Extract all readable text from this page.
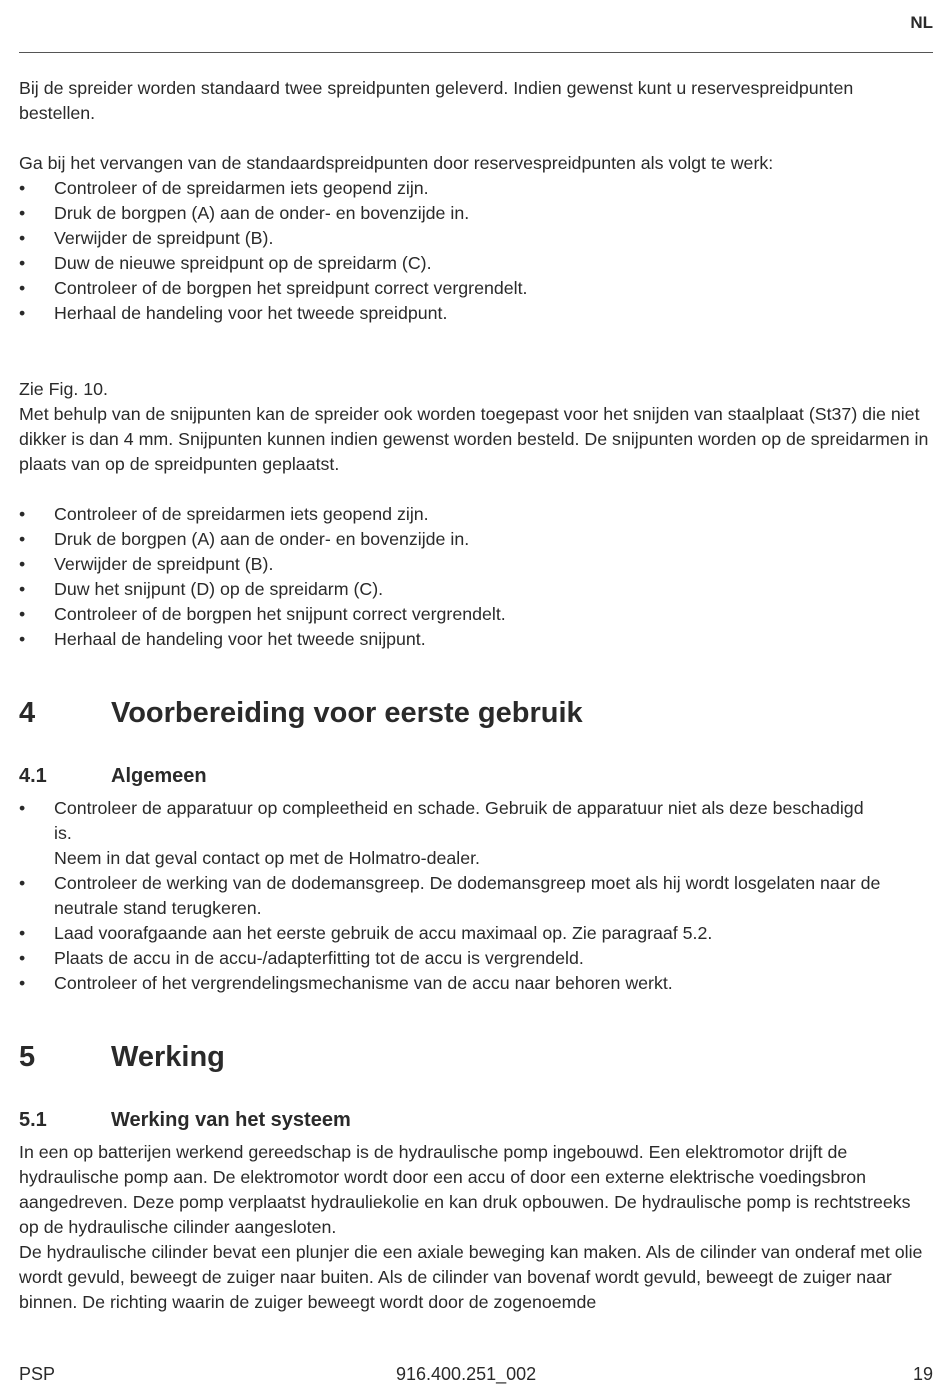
NL

Bij de spreider worden standaard twee spreidpunten geleverd. Indien gewenst kunt u reservespreidpunten bestellen.

Ga bij het vervangen van de standaardspreidpunten door reservespreidpunten als volgt te werk:

• Controleer of de spreidarmen iets geopend zijn.
• Druk de borgpen (A) aan de onder- en bovenzijde in.
• Verwijder de spreidpunt (B).
• Duw de nieuwe spreidpunt op de spreidarm (C).
• Controleer of de borgpen het spreidpunt correct vergrendelt.
• Herhaal de handeling voor het tweede spreidpunt.

Zie Fig. 10.

Met behulp van de snijpunten kan de spreider ook worden toegepast voor het snijden van staalplaat (St37) die niet dikker is dan 4 mm. Snijpunten kunnen indien gewenst worden besteld. De snijpunten worden op de spreidarmen in plaats van op de spreidpunten geplaatst.

• Controleer of de spreidarmen iets geopend zijn.
• Druk de borgpen (A) aan de onder- en bovenzijde in.
• Verwijder de spreidpunt (B).
• Duw het snijpunt (D) op de spreidarm (C).
• Controleer of de borgpen het snijpunt correct vergrendelt.
• Herhaal de handeling voor het tweede snijpunt.
4	Voorbereiding voor eerste gebruik
4.1	Algemeen
• Controleer de apparatuur op compleetheid en schade. Gebruik de apparatuur niet als deze beschadigd is.
Neem in dat geval contact op met de Holmatro-dealer.
• Controleer de werking van de dodemansgreep. De dodemansgreep moet als hij wordt losgelaten naar de neutrale stand terugkeren.
• Laad voorafgaande aan het eerste gebruik de accu maximaal op. Zie paragraaf 5.2.
• Plaats de accu in de accu-/adapterfitting tot de accu is vergrendeld.
• Controleer of het vergrendelingsmechanisme van de accu naar behoren werkt.
5	Werking
5.1	Werking van het systeem

In een op batterijen werkend gereedschap is de hydraulische pomp ingebouwd. Een elektromotor drijft de hydraulische pomp aan. De elektromotor wordt door een accu of door een externe elektrische voedingsbron aangedreven. Deze pomp verplaatst hydrauliekolie en kan druk opbouwen. De hydraulische pomp is rechtstreeks op de hydraulische cilinder aangesloten.

De hydraulische cilinder bevat een plunjer die een axiale beweging kan maken. Als de cilinder van onderaf met olie wordt gevuld, beweegt de zuiger naar buiten. Als de cilinder van bovenaf wordt gevuld, beweegt de zuiger naar binnen. De richting waarin de zuiger beweegt wordt door de zogenoemde

PSP	916.400.251_002	19
